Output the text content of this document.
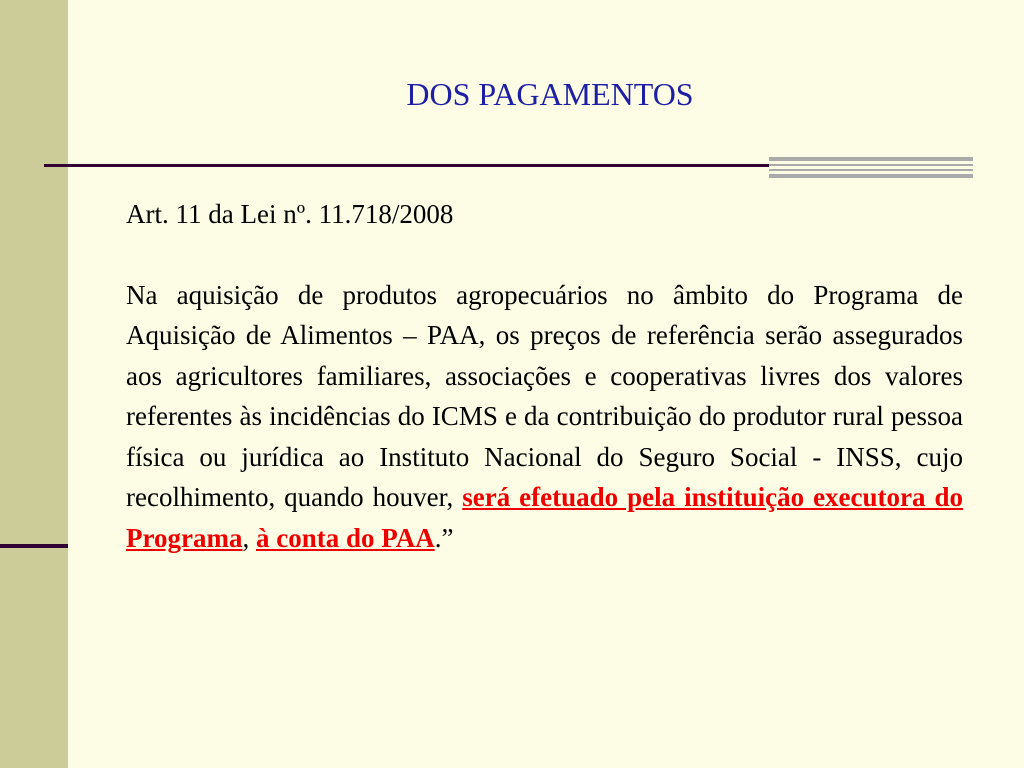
DOS PAGAMENTOS

Art. 11 da Lei nº. 11.718/2008

Na aquisição de produtos agropecuários no âmbito do Programa de Aquisição de Alimentos – PAA, os preços de referência serão assegurados aos agricultores familiares, associações e cooperativas livres dos valores referentes às incidências do ICMS e da contribuição do produtor rural pessoa física ou jurídica ao Instituto Nacional do Seguro Social - INSS, cujo recolhimento, quando houver, será efetuado pela instituição executora do Programa, à conta do PAA.”
